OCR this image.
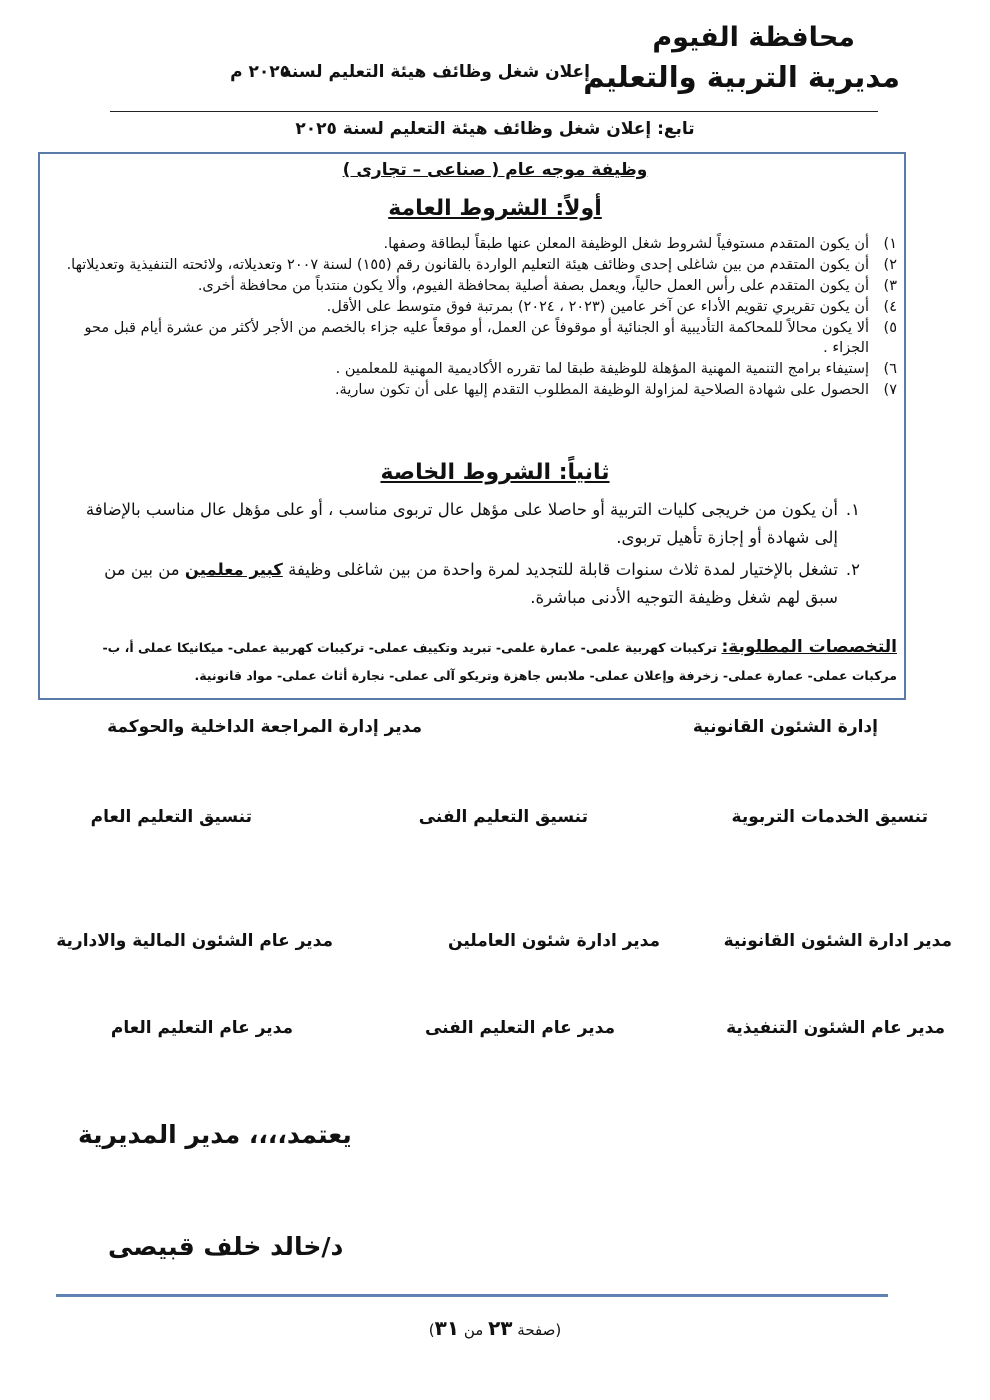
محافظة الفيوم
مديرية التربية والتعليم
إعلان شغل وظائف هيئة التعليم لسنة
٢٠٢٥ م
تابع: إعلان شغل وظائف هيئة التعليم لسنة ٢٠٢٥
وظيفة موجه عام ( صناعى – تجارى )
أولاً: الشروط العامة
١)
أن يكون المتقدم مستوفياً لشروط شغل الوظيفة المعلن عنها طبقاً لبطاقة وصفها.
٢)
أن يكون المتقدم من بين شاغلى إحدى وظائف هيئة التعليم الواردة بالقانون رقم (١٥٥) لسنة ٢٠٠٧ وتعديلاته، ولائحته التنفيذية وتعديلاتها.
٣)
أن يكون المتقدم على رأس العمل حالياً، ويعمل بصفة أصلية بمحافظة الفيوم، وألا يكون منتدباً من محافظة أخرى.
٤)
أن يكون تقريري تقويم الأداء عن آخر عامين (٢٠٢٣ ، ٢٠٢٤) بمرتبة فوق متوسط على الأقل.
٥)
ألا يكون محالاً للمحاكمة التأديبية أو الجنائية أو موقوفاً عن العمل، أو موقعاً عليه جزاء بالخصم من الأجر لأكثر من عشرة أيام قبل محو الجزاء .
٦)
إستيفاء برامج التنمية المهنية المؤهلة للوظيفة طبقا لما تقرره الأكاديمية المهنية للمعلمين .
٧)
الحصول على شهادة الصلاحية لمزاولة الوظيفة المطلوب التقدم إليها على أن تكون سارية.
ثانياً: الشروط الخاصة
١.
أن يكون من خريجى كليات التربية أو حاصلا على مؤهل عال تربوى مناسب ، أو على مؤهل عال مناسب بالإضافة إلى شهادة أو إجازة تأهيل تربوى.
٢.
تشغل بالإختيار لمدة ثلاث سنوات قابلة للتجديد لمرة واحدة من بين شاغلى وظيفة كبير معلمين من بين من سبق لهم شغل وظيفة التوجيه الأدنى مباشرة.
التخصصات المطلوبة: تركيبات كهربية علمى- عمارة علمى- تبريد وتكييف عملى- تركيبات كهربية عملى- ميكانيكا عملى أ، ب- مركبات عملى- عمارة عملى- زخرفة وإعلان عملى- ملابس جاهزة وتريكو آلى عملى- نجارة أثاث عملى- مواد قانونية.
إدارة الشئون القانونية
مدير إدارة المراجعة الداخلية والحوكمة
تنسيق الخدمات التربوية
تنسيق التعليم الفنى
تنسيق التعليم العام
مدير ادارة الشئون القانونية
مدير ادارة شئون العاملين
مدير عام الشئون المالية والادارية
مدير عام الشئون التنفيذية
مدير عام التعليم الفنى
مدير عام التعليم العام
يعتمد،،،، مدير المديرية
د/خالد خلف قبيصى
(صفحة ٢٣ من ٣١)
